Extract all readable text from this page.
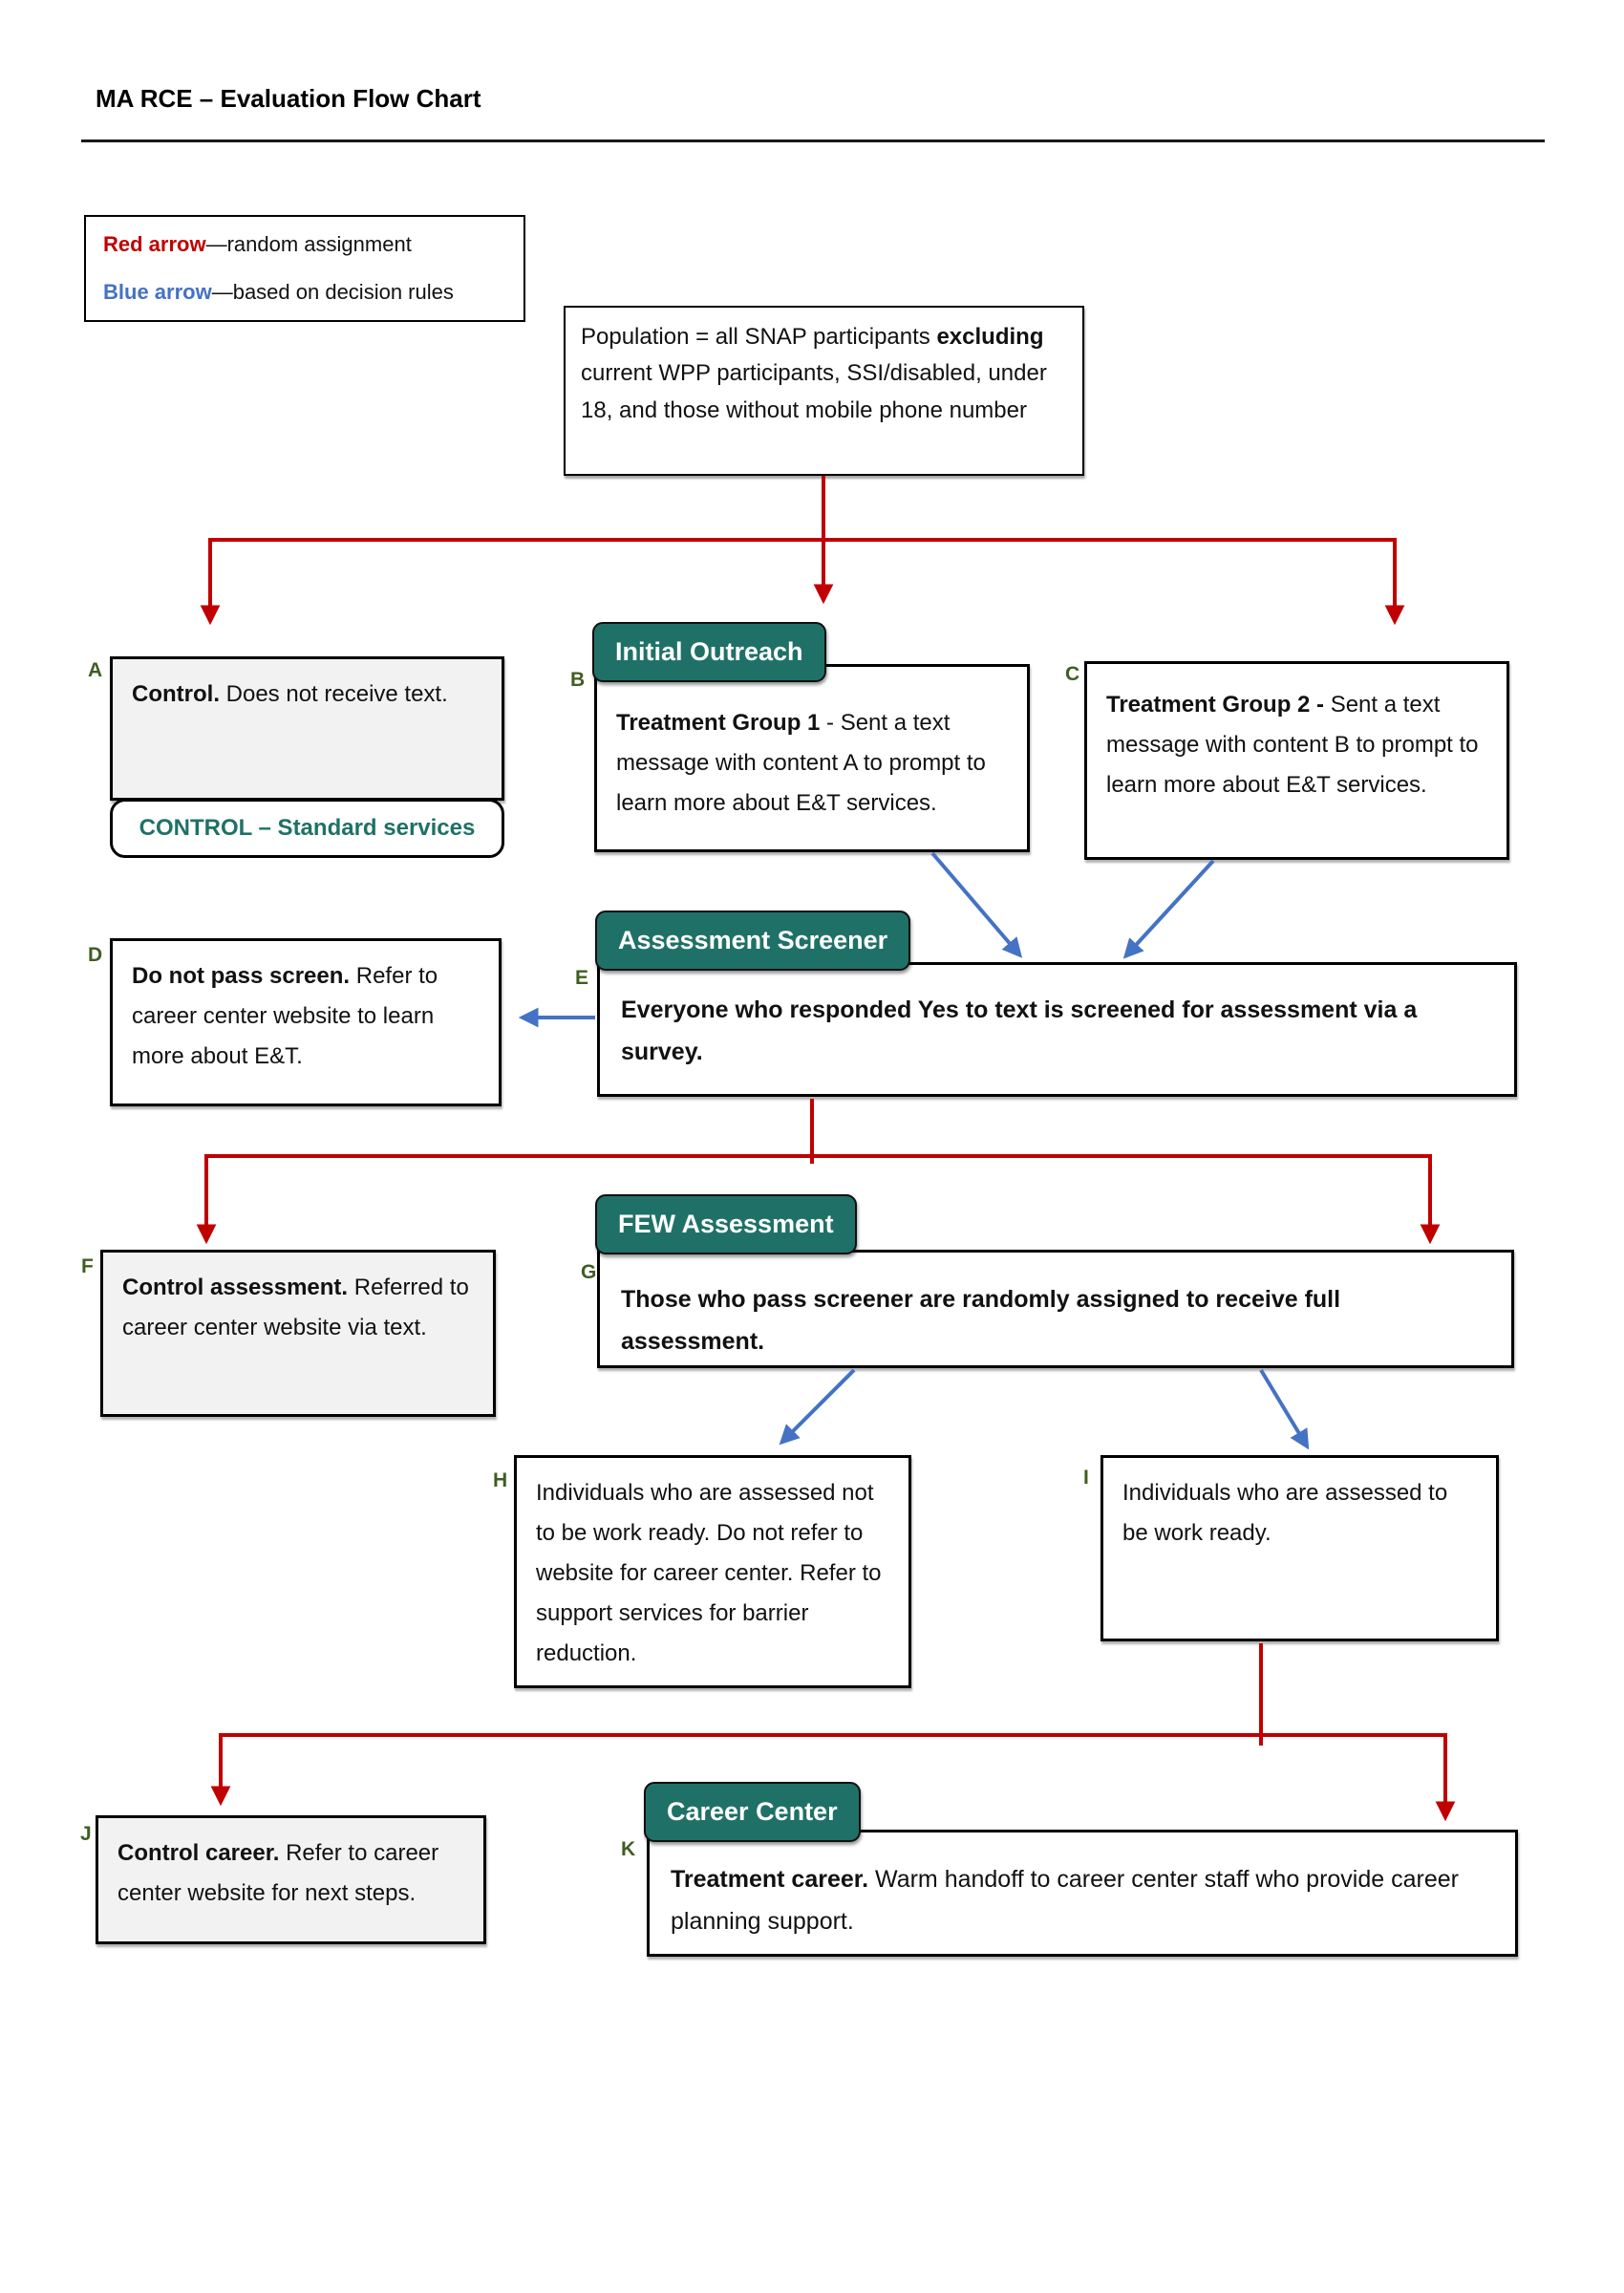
MA RCE – Evaluation Flow Chart

Red arrow—random assignment

Blue arrow—based on decision rules

Population = all SNAP participants excluding current WPP participants, SSI/disabled, under 18, and those without mobile phone number
A

Control. Does not receive text.

CONTROL – Standard services
Initial Outreach
B

Treatment Group 1 - Sent a text message with content A to prompt to learn more about E&T services.

C

Treatment Group 2 - Sent a text message with content B to prompt to learn more about E&T services.

D

Do not pass screen. Refer to career center website to learn more about E&T.

Assessment Screener
E

Everyone who responded Yes to text is screened for assessment via a survey.

F

Control assessment. Referred to career center website via text.

FEW Assessment
G

Those who pass screener are randomly assigned to receive full assessment.

H	Individuals who are assessed not to be work ready. Do not refer to website for career center. Refer to support services for barrier reduction.

I

Individuals who are assessed to be work ready.

J

Control career. Refer to career center website for next steps.

Career Center
K

Treatment career. Warm handoff to career center staff who provide career planning support.
